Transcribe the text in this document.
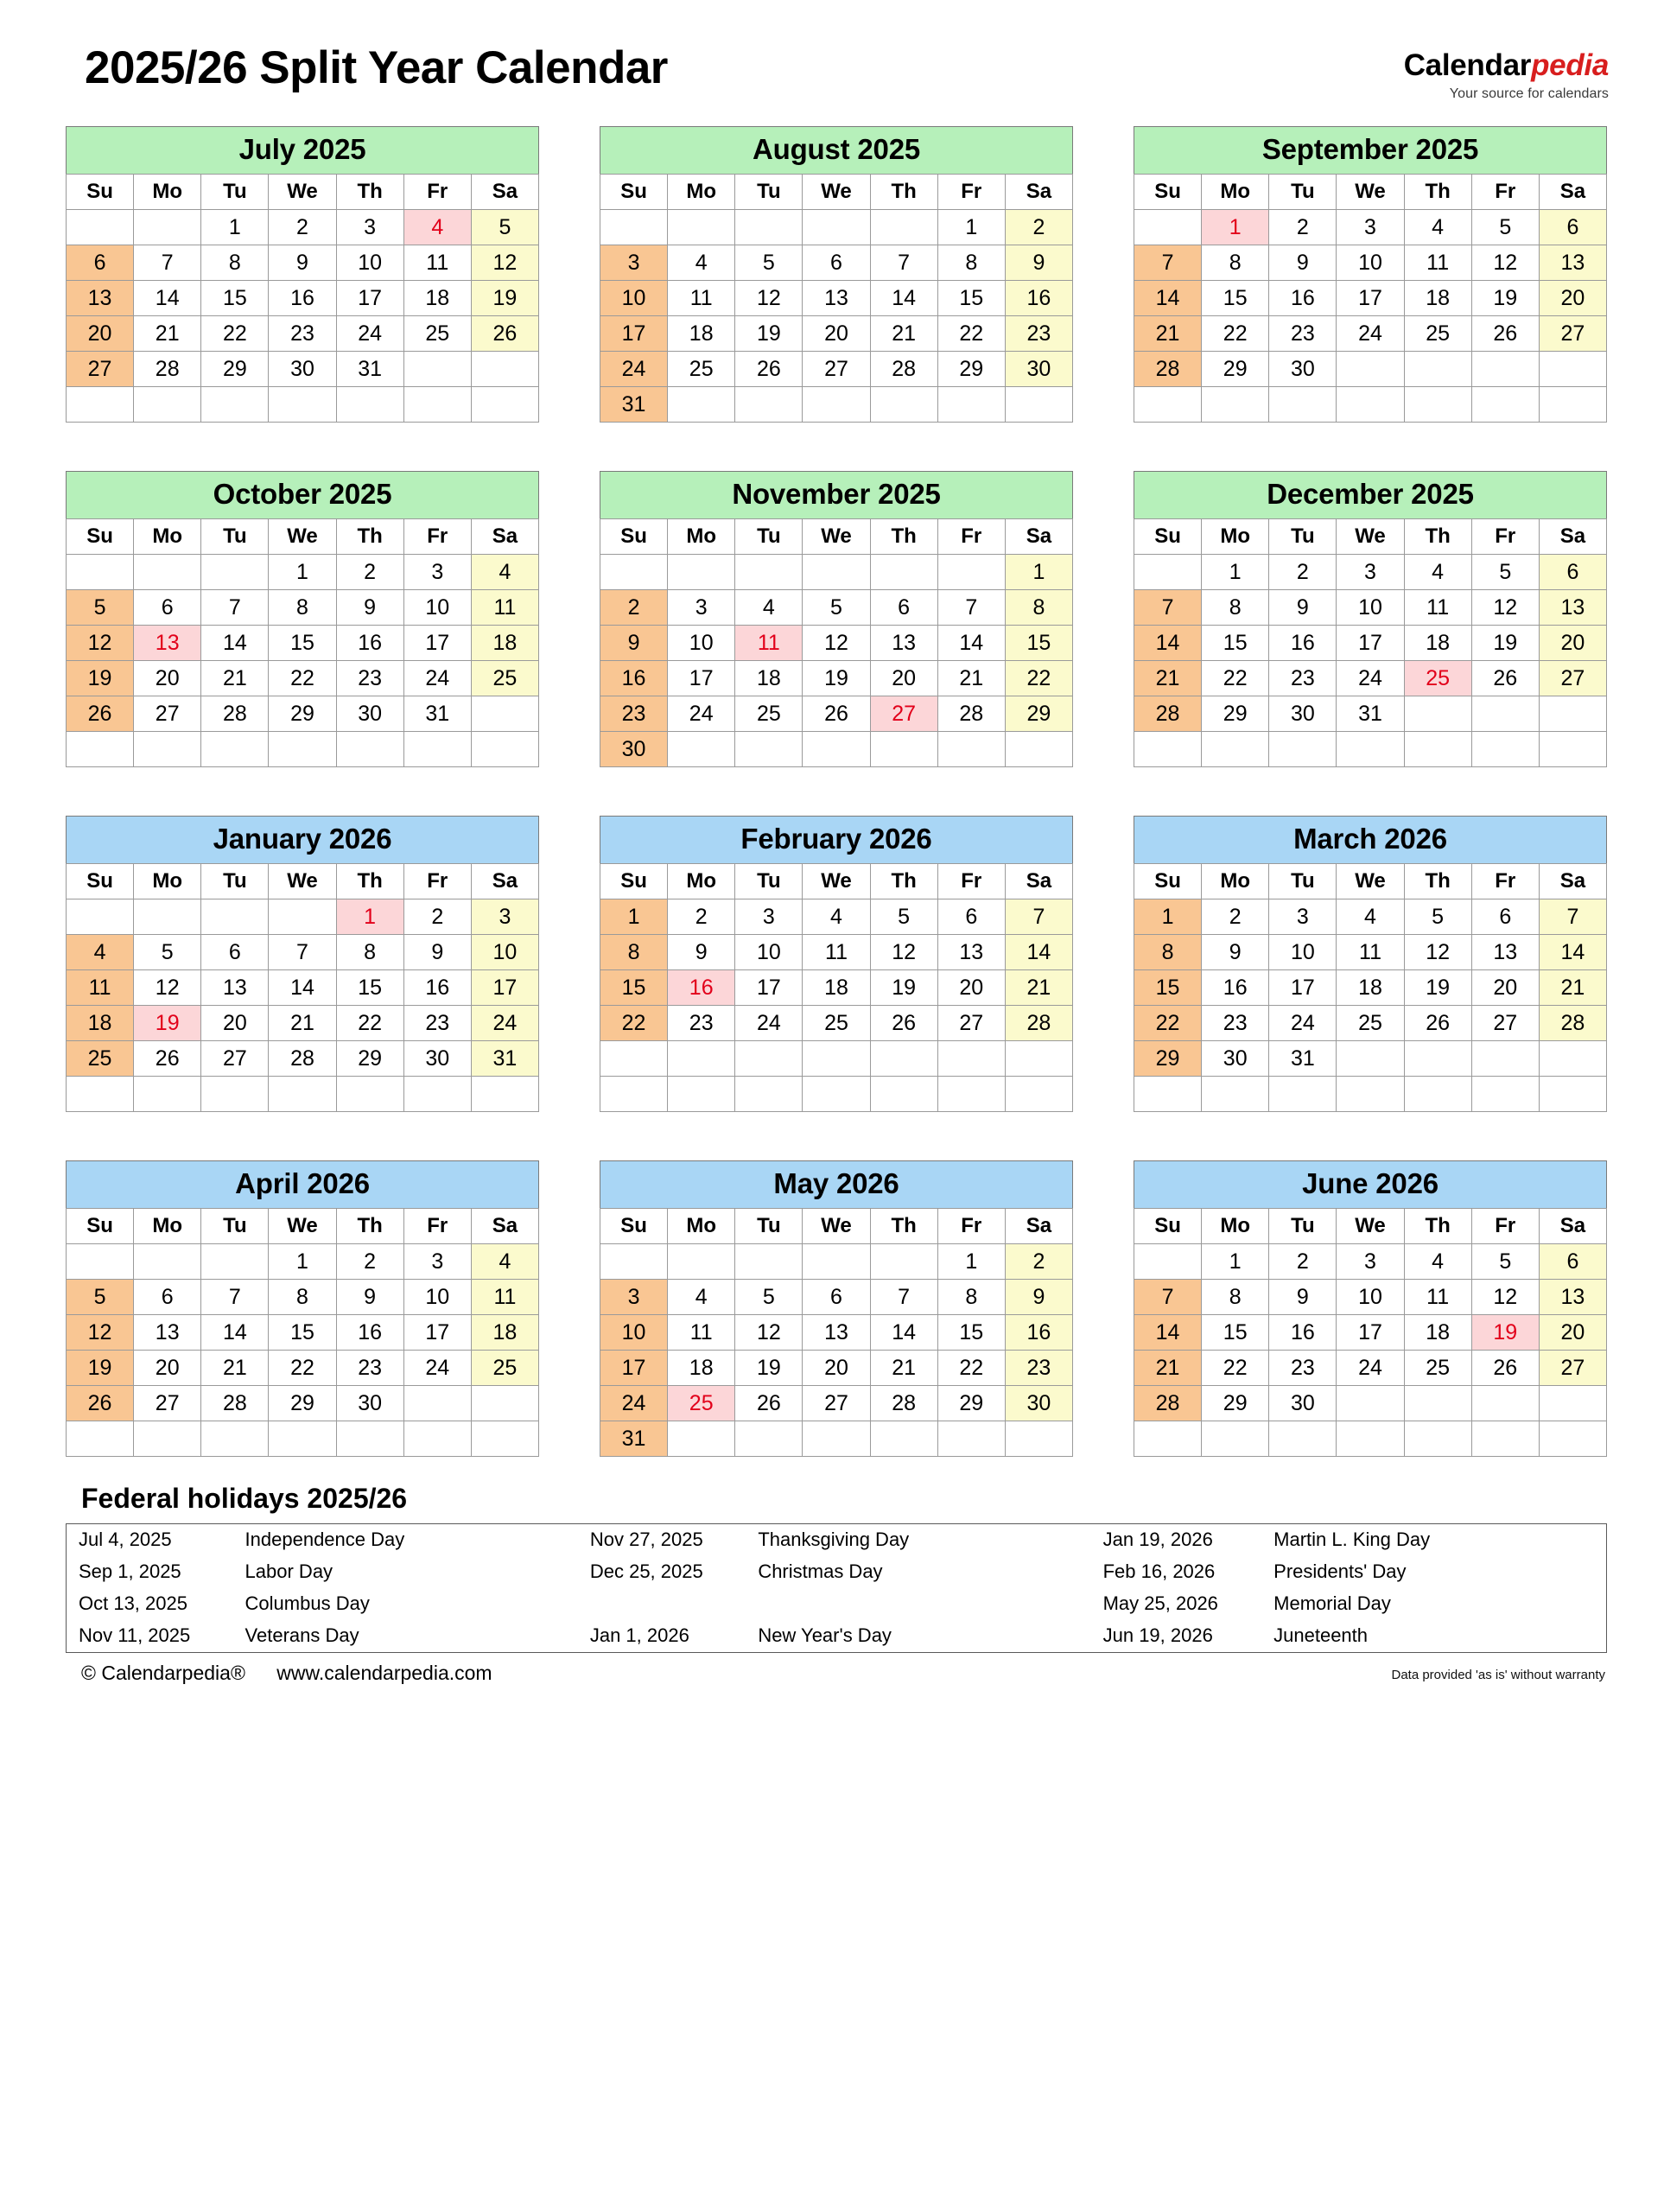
2025/26 Split Year Calendar	Calendarpedia
Your source for calendars
July 2025
Su	Mo	Tu	We	Th	Fr	Sa
		1	2	3	4	5
6	7	8	9	10	11	12
13	14	15	16	17	18	19
20	21	22	23	24	25	26
27	28	29	30	31		

August 2025
Su	Mo	Tu	We	Th	Fr	Sa
					1	2
3	4	5	6	7	8	9
10	11	12	13	14	15	16
17	18	19	20	21	22	23
24	25	26	27	28	29	30
31						
September 2025
Su	Mo	Tu	We	Th	Fr	Sa
	1	2	3	4	5	6
7	8	9	10	11	12	13
14	15	16	17	18	19	20
21	22	23	24	25	26	27
28	29	30				

October 2025
Su	Mo	Tu	We	Th	Fr	Sa
			1	2	3	4
5	6	7	8	9	10	11
12	13	14	15	16	17	18
19	20	21	22	23	24	25
26	27	28	29	30	31	

November 2025
Su	Mo	Tu	We	Th	Fr	Sa
						1
2	3	4	5	6	7	8
9	10	11	12	13	14	15
16	17	18	19	20	21	22
23	24	25	26	27	28	29
30						
December 2025
Su	Mo	Tu	We	Th	Fr	Sa
	1	2	3	4	5	6
7	8	9	10	11	12	13
14	15	16	17	18	19	20
21	22	23	24	25	26	27
28	29	30	31			

January 2026
Su	Mo	Tu	We	Th	Fr	Sa
				1	2	3
4	5	6	7	8	9	10
11	12	13	14	15	16	17
18	19	20	21	22	23	24
25	26	27	28	29	30	31

February 2026
Su	Mo	Tu	We	Th	Fr	Sa
1	2	3	4	5	6	7
8	9	10	11	12	13	14
15	16	17	18	19	20	21
22	23	24	25	26	27	28

March 2026
Su	Mo	Tu	We	Th	Fr	Sa
1	2	3	4	5	6	7
8	9	10	11	12	13	14
15	16	17	18	19	20	21
22	23	24	25	26	27	28
29	30	31				

April 2026
Su	Mo	Tu	We	Th	Fr	Sa
			1	2	3	4
5	6	7	8	9	10	11
12	13	14	15	16	17	18
19	20	21	22	23	24	25
26	27	28	29	30		

May 2026
Su	Mo	Tu	We	Th	Fr	Sa
					1	2
3	4	5	6	7	8	9
10	11	12	13	14	15	16
17	18	19	20	21	22	23
24	25	26	27	28	29	30
31						
June 2026
Su	Mo	Tu	We	Th	Fr	Sa
	1	2	3	4	5	6
7	8	9	10	11	12	13
14	15	16	17	18	19	20
21	22	23	24	25	26	27
28	29	30				

Federal holidays 2025/26
Jul 4, 2025	Independence Day	Nov 27, 2025	Thanksgiving Day	Jan 19, 2026	Martin L. King Day
Sep 1, 2025	Labor Day	Dec 25, 2025	Christmas Day	Feb 16, 2026	Presidents' Day
Oct 13, 2025	Columbus Day			May 25, 2026	Memorial Day
Nov 11, 2025	Veterans Day	Jan 1, 2026	New Year's Day	Jun 19, 2026	Juneteenth
© Calendarpedia® www.calendarpedia.com	Data provided 'as is' without warranty
